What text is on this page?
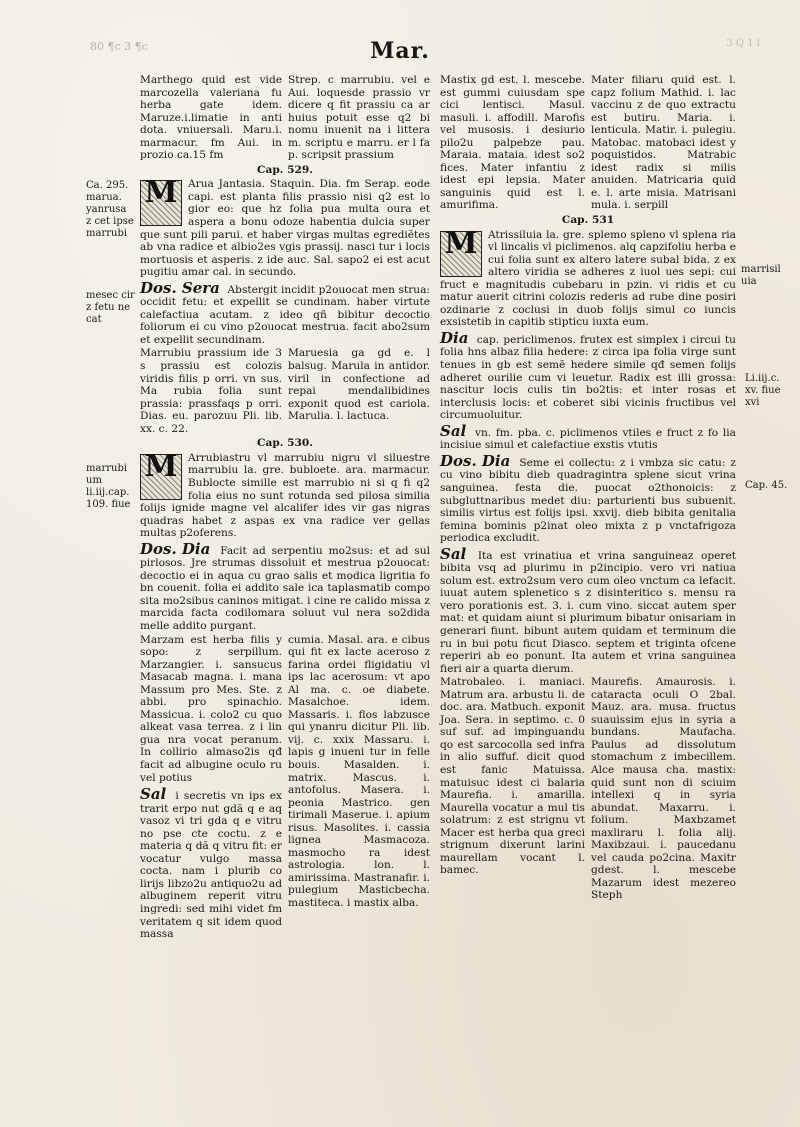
80 ¶c 3 ¶c	3 Q 1 l
Mar.
Ca. 295.
marua.
yanrusa
z cet ipse
marrubi
mesec cir
z fetu ne
cat
marrubi
um
li.iij.cap.
109. fiue
marrisil
uia
Li.iij.c.
xv. fiue
xvi
Cap. 45.
Marthego quid est vide marcozella valeriana fu herba gate idem. Maruze.i.limatie in anti dota. vniuersali. Maru.i. marmacur. fm Aui. in prozio ca.15 fm
Strep. c marrubiu. vel e Aui. loquesde prassio vr dicere q fit prassiu ca ar huius potuit esse q2 bi nomu inuenit na i littera m. scriptu e marru. er l fa p. scripsit prassium
Cap. 529.
M Arua Jantasia. Staquin. Dia. fm Serap. eode capi. est planta filis prassio nisi q2 est lo gior eo: que hz folia pua multa oura et aspera a bonu odoze habentia dulcia super que sunt pili parui. et haber virgas multas egrediĕtes ab vna radice et albio2es vgis prassij. nasci tur i locis mortuosis et asperis. z ide auc. Sal. sapo2 ei est acut pugitiu amar cal. in secundo.
Dos. Sera Abstergit incidit p2ouocat men strua: occidit fetu: et expellit se cundinam. haber virtute calefactiua acutam. z ideo qñ bibitur decoctio foliorum ei cu vino p2ouocat mestrua. facit abo2sum et expellit secundinam.
Marrubiu prassium ide 3 s prassiu est colozis viridis filis p orri. vn sus. Ma rubia folia sunt prassia: prassfaqs p orri. Dias. eu. parozuu Pli. lib. xx. c. 22.
Maruesia ga gd e. l balsug. Marula in antidor. viril in confectione ad repai mendalibidines exponit quod est cariola. Marulia. l. lactuca.
Cap. 530.
M Arrubiastru vl marrubiu nigru vl siluestre marrubiu la. gre. bubloete. ara. marmacur. Bublocte simille est marrubio ni si q fi q2 folia eius no sunt rotunda sed pilosa similia folijs ignide magne vel alcalifer ides vir gas nigras quadras habet z aspas ex vna radice ver gellas multas p2oferens.
Dos. Dia Facit ad serpentiu mo2sus: et ad sul pirlosos. Jre strumas dissoluit et mestrua p2ouocat: decoctio ei in aqua cu grao salis et modica ligritia fo bn couenit. folia ei addito sale ica taplasmatib compo sita mo2sibus caninos mitigat. i cine re calido missa z marcida facta codilomara soluut vul nera so2dida melle addito purgant.
Marzam est herba filis y sopo: z serpillum. Marzangier. i. sansucus Masacab magna. i. mana Massum pro Mes. Ste. z abbi. pro spinachio. Massicua. i. colo2 cu quo alkeat vasa terrea. z i lin gua nra vocat peranum. In collirio almaso2is qđ facit ad albugine oculo ru vel potius
Sal i secretis vn ips ex trarit erpo nut gdă q e aq vasoz vi tri gda q e vitru no pse cte coctu. z e materia q dă q vitru fit: er vocatur vulgo massa cocta. nam i plurib co lirijs libzo2u antiquo2u ad albuginem reperit vitru ingredi: sed mihi videt fm veritatem q sit idem quod massa
cumia. Masal. ara. e cibus qui fit ex lacte aceroso z farina ordei fligidatiu vl ips lac acerosum: vt apo Al ma. c. oe diabete. Masalchoe. idem. Massaris. i. flos labzusce qui ynanru dicitur Pli. lib. vij. c. xxix Massaru. i. lapis g inueni tur in felle bouis. Masalden. i. matrix. Mascus. i. antofolus. Masera. i. peonia Mastrico. gen tirimali Maserue. i. apium risus. Masolites. i. cassia lignea Masmacoza. masmocho ra idest astrologia. lon. l. amirissima. Mastranafir. i. pulegium Masticbecha. mastiteca. i mastix alba.
Mastix gd est. l. mescebe. est gummi cuiusdam spe cici lentisci. Masul. masuli. i. affodill. Marofis vel musosis. i desiurio pilo2u palpebze pau. Maraia. mataia. idest so2 fices. Mater infantiu z idest epi lepsia. Mater sanguinis quid est l. amurifima.
Mater filiaru quid est. l. capz folium Mathid. i. lac vaccinu z de quo extractu est butiru. Maria. i. lenticula. Matir. i. pulegiu. Matobac. matobaci idest y poquistidos. Matrabic idest radix si milis anuiden. Matricaria quid e. l. arte misia. Matrisani mula. i. serpill
Cap. 531
M Atrissiluia la. gre. splemo spleno vl splena ria vl lincalis vl piclimenos. alq capzifoliu herba e cui folia sunt ex altero latere subal bida. z ex altero viridia se adheres z iuol ues sepi: cui fruct e magnitudis cubebaru in pzin. vi ridis et cu matur auerit citrini colozis rederis ad rube dine posiri ozdinarie z coclusi in duob folijs simul co iuncis exsistetib in capitib stipticu iuxta eum.
Dia cap. periclimenos. frutex est simplex i circui tu folia hns albaz filia hedere: z circa ipa folia virge sunt tenues in gb est semē hedere simile qđ semen folijs adheret ourilie cum vi leuetur. Radix est illi grossa: nascitur locis culis tin bo2tis: et inter rosas et interclusis locis: et coberet sibi vicinis fructibus vel circumuoluitur.
Sal vn. fm. pba. c. piclimenos vtiles e fruct z fo lia incisiue simul et calefactiue exstis vtutis
Dos. Dia Seme ei collectu: z i vmbza sic catu: z cu vino bibitu dieb quadragintra splene sicut vrina sanguinea. festa die. puocat o2thonoicis: z subgluttnaribus medet diu: parturienti bus subuenit. similis virtus est folijs ipsi. xxvij. dieb bibita genitalia femina bominis p2inat oleo mixta z p vnctafrigoza periodica excludit.
Sal Ita est vrinatiua et vrina sanguineaz operet bibita vsq ad plurimu in p2incipio. vero vri natiua solum est. extro2sum vero cum oleo vnctum ca lefacit. iuuat autem splenetico s z disinteritico s. mensu ra vero porationis est. 3. i. cum vino. siccat autem sper mat: et quidam aiunt si plurimum bibatur onisariam in generari fiunt. bibunt autem quidam et terminum die ru in bui potu ficut Diasco. septem et triginta ofcene reperiri ab eo ponunt. Ita autem et vrina sanguinea fieri air a quarta dierum.
Matrobaleo. i. maniaci. Matrum ara. arbustu li. de doc. ara. Matbuch. exponit Joa. Sera. in septimo. c. 0 suf suf. ad impinguandu qo est sarcocolla sed infra in alio suffuf. dicit quod est fanic Matuissa. matuisuc idest ci balaria Maurefia. i. amarilla. Maurella vocatur a mul tis solatrum: z est strignu vt Macer est herba qua greci strignum dixerunt larini maurellam vocant l. bamec.
Maurefis. Amaurosis. i. cataracta oculi O 2bal. Mauz. ara. musa. fructus suauissim ejus in syria a bundans. Maufacha. Paulus ad dissolutum stomachum z imbecillem. Alce mausa cha. mastix: quid sunt non di sciuim intellexi q in syria abundat. Maxarru. i. folium. Maxbzamet maxliraru l. folia alij. Maxibzaui. i. paucedanu vel cauda po2cina. Maxitr gdest. l. mescebe Mazarum idest mezereo Steph
